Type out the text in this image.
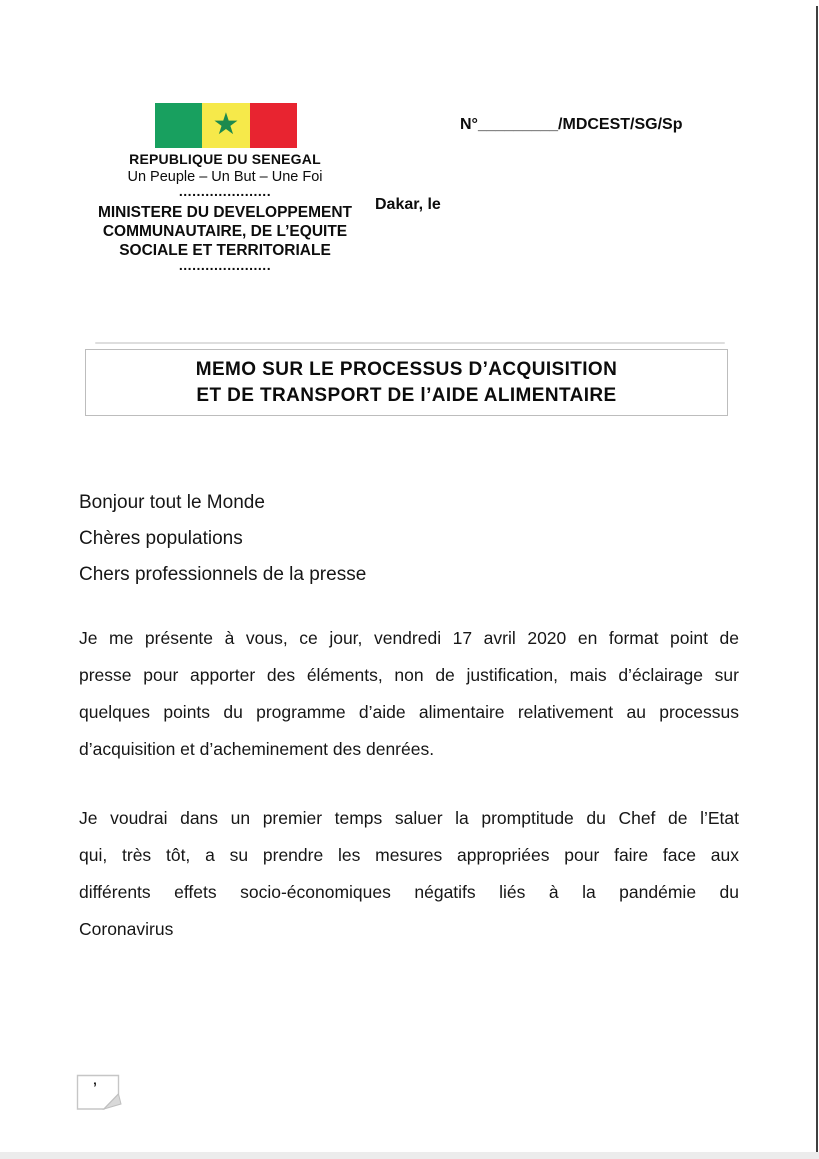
★
REPUBLIQUE DU SENEGAL
Un Peuple – Un But – Une Foi
.....................
MINISTERE DU DEVELOPPEMENT
COMMUNAUTAIRE, DE L’EQUITE
SOCIALE ET TERRITORIALE
.....................
N°_________/MDCEST/SG/Sp
Dakar, le
MEMO SUR LE PROCESSUS D’ACQUISITION
ET DE TRANSPORT DE l’AIDE ALIMENTAIRE
Bonjour tout le Monde
Chères populations
Chers professionnels de la presse
Je me présente à vous, ce jour, vendredi 17 avril 2020 en format point de
presse pour apporter des éléments, non de justification, mais d’éclairage sur
quelques points du programme d’aide alimentaire relativement au processus
d’acquisition et d’acheminement des denrées.
Je voudrai dans un premier temps saluer la promptitude du Chef de l’Etat
qui, très tôt, a su prendre les mesures appropriées pour faire face aux
différents effets socio-économiques négatifs liés à la pandémie du
Coronavirus
’
